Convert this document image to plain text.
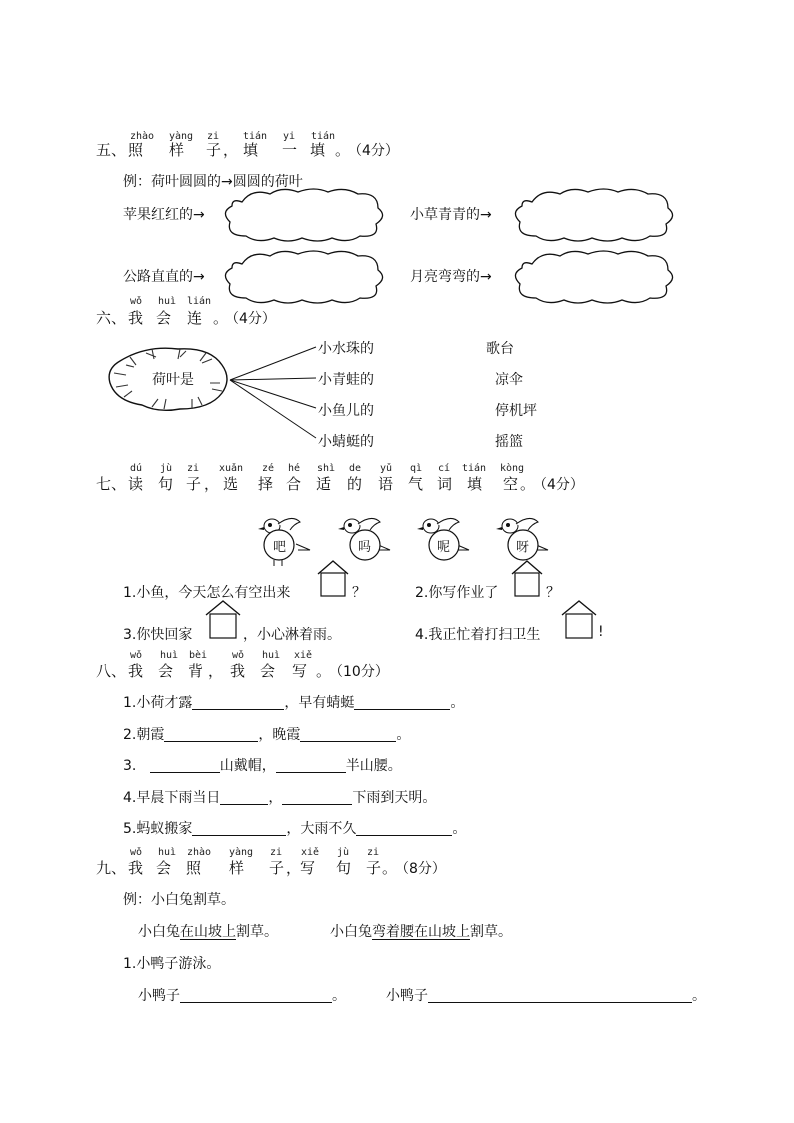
zhào yàng zi tián yi tián
五、 照 样 子 ， 填 一 填 。
（4分）
例：荷叶圆圆的→圆圆的荷叶
苹果红红的→	小草青青的→
公路直直的→	月亮弯弯的→
wǒ huì lián
六、 我 会 连 。
（4分）
荷叶是
小水珠的
小青蛙的
小鱼儿的
小蜻蜓的
歌台
凉伞
停机坪
摇篮
dú jù zi xuǎn zé hé shì de yǔ qì cí tián kòng
七、 读 句 子 ， 选 择 合 适 的 语 气 词 填 空 。
（4分）
吧	吗	呢	呀
1.小鱼，今天怎么有空出来	？	2.你写作业了	？
3.你快回家	，小心淋着雨。	4.我正忙着打扫卫生	!
wǒ huì bèi wǒ huì xiě
八、 我 会 背 ， 我 会 写 。
（10分）
1.小荷才露	，早有蜻蜓	。
2.朝霞	，晚霞	。
3.	山戴帽，	半山腰。
4.早晨下雨当日	，	下雨到天明。
5.蚂蚁搬家	，大雨不久	。
wǒ huì zhào yàng zi xiě jù zi
九、 我 会 照 样 子 ，
写 句 子 。
（8分）
例：小白兔割草。
小白兔在山坡上割草。	小白兔弯着腰在山坡上割草。
1.小鸭子游泳。
小鸭子	。	小鸭子	。
